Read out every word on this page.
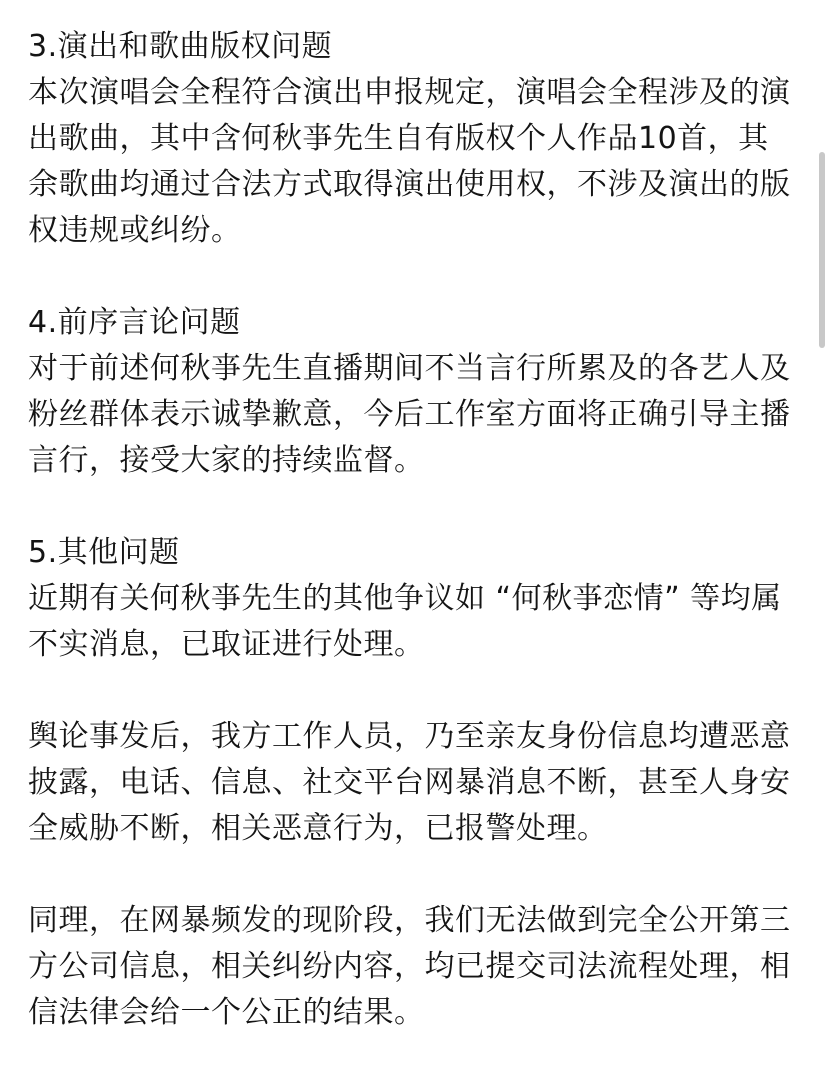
3.演出和歌曲版权问题
本次演唱会全程符合演出申报规定，演唱会全程涉及的演出歌曲，其中含何秋亊先生自有版权个人作品10首，其余歌曲均通过合法方式取得演出使用权，不涉及演出的版权违规或纠纷。
4.前序言论问题
对于前述何秋亊先生直播期间不当言行所累及的各艺人及粉丝群体表示诚挚歉意，今后工作室方面将正确引导主播言行，接受大家的持续监督。
5.其他问题
近期有关何秋亊先生的其他争议如 “何秋亊恋情” 等均属不实消息，已取证进行处理。
舆论事发后，我方工作人员，乃至亲友身份信息均遭恶意披露，电话、信息、社交平台网暴消息不断，甚至人身安全威胁不断，相关恶意行为，已报警处理。
同理，在网暴频发的现阶段，我们无法做到完全公开第三方公司信息，相关纠纷内容，均已提交司法流程处理，相信法律会给一个公正的结果。
